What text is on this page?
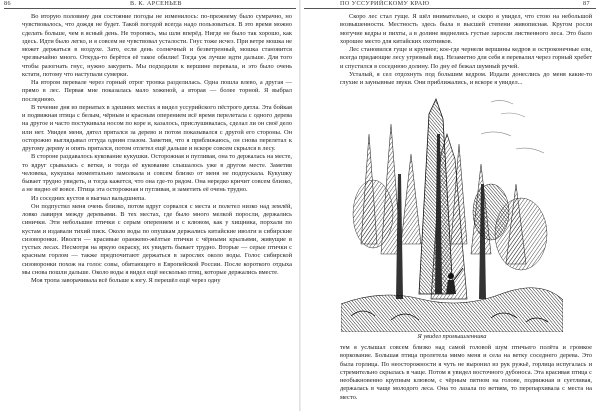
86	В. К. АРСЕНЬЕВ

Во вторую половину дня состояние погоды не изменилось: по-прежнему было сумрачно, но чувствовалось, что дождя не будет. Такой погодой всегда надо пользоваться. В это время можно сделать больше, чем в ясный день. Не торопясь, мы шли вперёд. Нигде не было так хорошо, как здесь. Идти было легко, и я совсем не чувствовал усталости. Гнус тоже исчез. При ветре мошка не может держаться в воздухе. Зато, если день солнечный и безветренный, мошка становится чрезвычайно много. Откуда-то берётся её такое обилие! Тогда уж лучше идти дальше. Для того чтобы разогнать гнус, нужно закурить. Мы подходили к вершине перевала, и это было очень кстати, потому что наступали сумерки.

На втором перевале через горный отрог тропка разделилась. Одна пошла влево, а другая — прямо в лес. Первая мне показалась мало хоженой, а вторая — более торной. Я выбрал последнюю.

В течение дня из пернатых в здешних местах я видел уссурийского пёстрого дятла. Эта бойкая и подвижная птица с белым, чёрным и красным оперением всё время перелетала с одного дерева на другое и часто постукивала носом по коре и, казалось, прислушивалась, сделал ли он своё дело или нет. Увидев меня, дятел прятался за дерево и потом показывался с другой его стороны. Он осторожно выглядывал оттуда одним глазом. Заметив, что я приближаюсь, он снова перелетал к другому дереву и опять прятался, потом отлетел ещё дальше и вскоре совсем скрылся в лесу.

В стороне раздавалось кукование кукушки. Осторожная и пугливая, она то держалась на месте, то вдруг срывалась с ветки, и тогда её кукование слышалось уже в другом месте. Заметив человека, кукушка моментально замолкала и совсем близко от меня не подпускала. Кукушку бывает трудно увидеть, и тогда кажется, что она где-то рядом. Она нередко кричит совсем близко, а не видно её вовсе. Птица эта осторожная и пугливая, и заметить её очень трудно.

Из соседних кустов я выгнал вальдшнепа.

Он подпустил меня очень близко, потом вдруг сорвался с места и полетел низко над землёй, ловко лавируя между деревьями. В тех местах, где было много мелкой поросли, держались синички. Эти небольшие птички с серым оперением и с клювом, как у хищника, порхали по кустам и издавали тихий писк. Около воды по опушкам держались китайские иволги и сибирские сизоворонки. Иволги — красивые оранжево-жёлтые птички с чёрными крыльями, живущие в густых лесах. Несмотря на яркую окраску, их увидеть бывает трудно. Вторые — серые птички с красным горлом — также предпочитают держаться в зарослях около воды. Голос сибирской сизоворонки похож на голос совы, обитающего в Европейской России. После короткого отдыха мы снова пошли дальше. Около воды я видел ещё несколько птиц, которые держались вместе.

Моя тропа заворачивала всё больше к югу. Я перешёл ещё через одну

ПО УССУРИЙСКОМУ КРАЮ	87

Скоро лес стал гуще. Я шёл внимательно, и скоро я увидел, что стою на небольшой возвышенности. Местность здесь была в высшей степени живописная. Кругом росли могучие кедры и пихты, а в долине виднелись густые заросли лиственного леса. Это было хорошее место для китайских охотников.

Лес становился гуще и крупнее; кое-где чернели вершины кедров и остроконечные ели, всегда придающие лесу угрюмый вид. Незаметно для себя я перевалил через горный хребет и спустился в соседнюю долину. По дну её бежал шумный ручей.

Усталый, я сел отдохнуть под большим кедром. Издали донеслись до меня какие-то глухие и заунывные звуки. Они приближались, и вскоре я увидел...

тем я услышал совсем близко над самой головой шум птичьего полёта и громкое воркование. Большая птица пролетела мимо меня и села на ветку соседнего дерева. Это была горлица. По неосторожности я чуть не выронил из рук ружьё, горлица испугалась и стремительно скрылась в чаще. Потом я увидел восточного дубоноса. Эта красивая птица с необыкновенно крупным клювом, с чёрным пятном на голове, подвижная и суетливая, держалась в чаще молодого леса. Она то лазала по ветвям, то перепархивала с места на место.

Я увидел промышленника
